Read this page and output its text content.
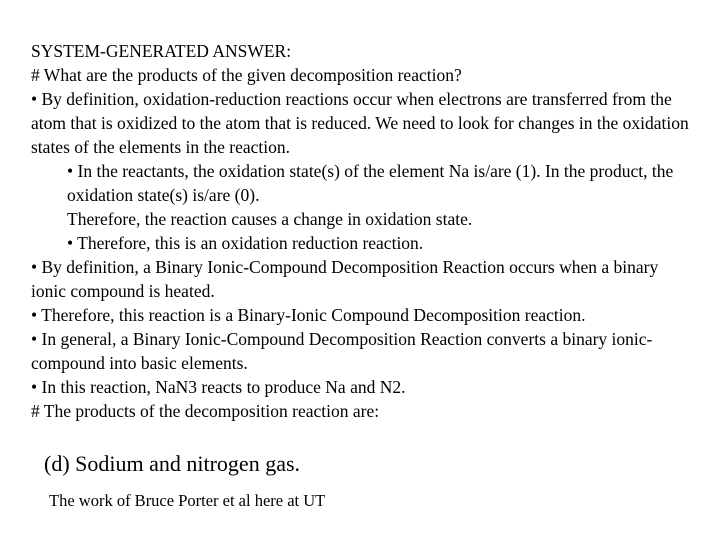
SYSTEM-GENERATED ANSWER:
# What are the products of the given decomposition reaction?
• By definition, oxidation-reduction reactions occur when electrons are transferred from the atom that is oxidized to the atom that is reduced. We need to look for changes in the oxidation states of the elements in the reaction.
• In the reactants, the oxidation state(s) of the element Na is/are (1). In the product, the oxidation state(s) is/are (0).
Therefore, the reaction causes a change in oxidation state.
• Therefore, this is an oxidation reduction reaction.
• By definition, a Binary Ionic-Compound Decomposition Reaction occurs when a binary ionic compound is heated.
• Therefore, this reaction is a Binary-Ionic Compound Decomposition reaction.
• In general, a Binary Ionic-Compound Decomposition Reaction converts a binary ionic-compound into basic elements.
• In this reaction, NaN3 reacts to produce Na and N2.
# The products of the decomposition reaction are:
(d) Sodium and nitrogen gas.
The work of Bruce Porter et al here at UT
